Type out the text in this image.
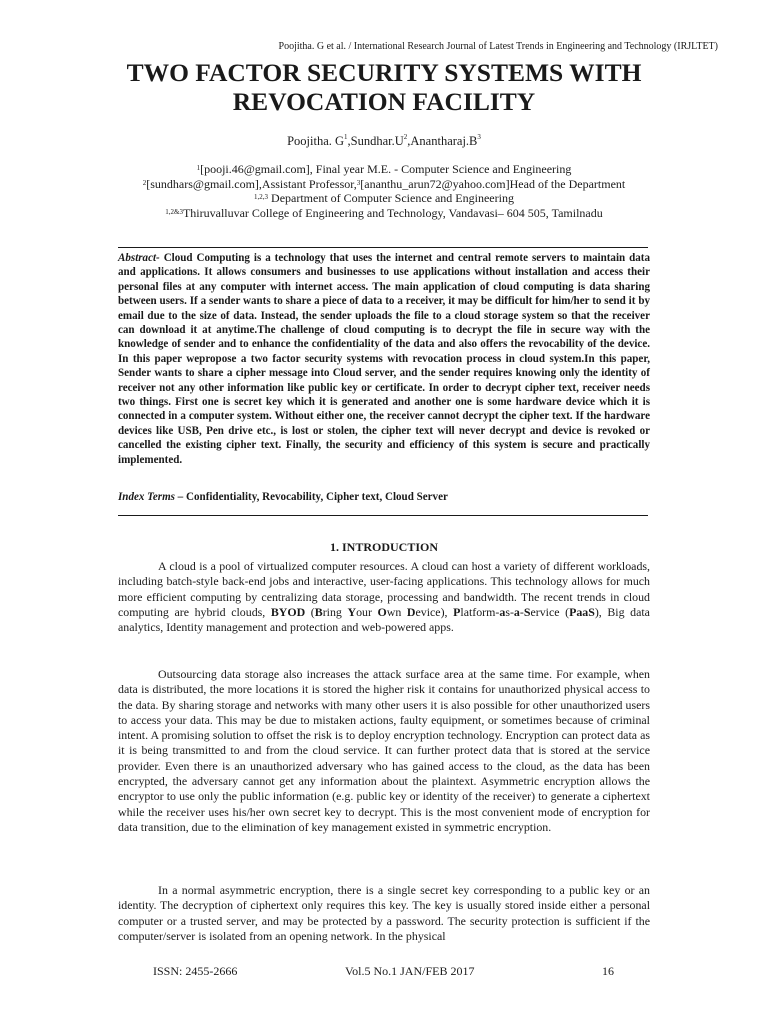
Poojitha. G et al. / International Research Journal of Latest Trends in Engineering and Technology (IRJLTET)
TWO FACTOR SECURITY SYSTEMS WITH
REVOCATION FACILITY
Poojitha. $G^1,Sundhar.U^2,Anantharaj.B^3$
$^1$[pooji.46@gmail.com], Final year M.E. - Computer Science and Engineering
$^2$[sundhars@gmail.com],Assistant Professor,$^3$[ananthu_arun72@yahoo.com]Head of the Department
$^{1,2,3}$ Department of Computer Science and Engineering
$^{1,2\&3}$Thiruvalluvar College of Engineering and Technology, Vandavasi– 604 505, Tamilnadu
Abstract- Cloud Computing is a technology that uses the internet and central remote servers to maintain data and applications. It allows consumers and businesses to use applications without installation and access their personal files at any computer with internet access. The main application of cloud computing is data sharing between users. If a sender wants to share a piece of data to a receiver, it may be difficult for him/her to send it by email due to the size of data. Instead, the sender uploads the file to a cloud storage system so that the receiver can download it at anytime.The challenge of cloud computing is to decrypt the file in secure way with the knowledge of sender and to enhance the confidentiality of the data and also offers the revocability of the device. In this paper wepropose a two factor security systems with revocation process in cloud system.In this paper, Sender wants to share a cipher message into Cloud server, and the sender requires knowing only the identity of receiver not any other information like public key or certificate. In order to decrypt cipher text, receiver needs two things. First one is secret key which it is generated and another one is some hardware device which it is connected in a computer system. Without either one, the receiver cannot decrypt the cipher text. If the hardware devices like USB, Pen drive etc., is lost or stolen, the cipher text will never decrypt and device is revoked or cancelled the existing cipher text. Finally, the security and efficiency of this system is secure and practically implemented.
Index Terms – Confidentiality, Revocability, Cipher text, Cloud Server
1. INTRODUCTION

A cloud is a pool of virtualized computer resources. A cloud can host a variety of different workloads, including batch-style back-end jobs and interactive, user-facing applications. This technology allows for much more efficient computing by centralizing data storage, processing and bandwidth. The recent trends in cloud computing are hybrid clouds, BYOD (Bring Your Own Device), Platform-as-a-Service (PaaS), Big data analytics, Identity management and protection and web-powered apps.

Outsourcing data storage also increases the attack surface area at the same time. For example, when data is distributed, the more locations it is stored the higher risk it contains for unauthorized physical access to the data. By sharing storage and networks with many other users it is also possible for other unauthorized users to access your data. This may be due to mistaken actions, faulty equipment, or sometimes because of criminal intent. A promising solution to offset the risk is to deploy encryption technology. Encryption can protect data as it is being transmitted to and from the cloud service. It can further protect data that is stored at the service provider. Even there is an unauthorized adversary who has gained access to the cloud, as the data has been encrypted, the adversary cannot get any information about the plaintext. Asymmetric encryption allows the encryptor to use only the public information (e.g. public key or identity of the receiver) to generate a ciphertext while the receiver uses his/her own secret key to decrypt. This is the most convenient mode of encryption for data transition, due to the elimination of key management existed in symmetric encryption.

In a normal asymmetric encryption, there is a single secret key corresponding to a public key or an identity. The decryption of ciphertext only requires this key. The key is usually stored inside either a personal computer or a trusted server, and may be protected by a password. The security protection is sufficient if the computer/server is isolated from an opening network. In the physical

ISSN: 2455-2666	Vol.5 No.1 JAN/FEB 2017	16
